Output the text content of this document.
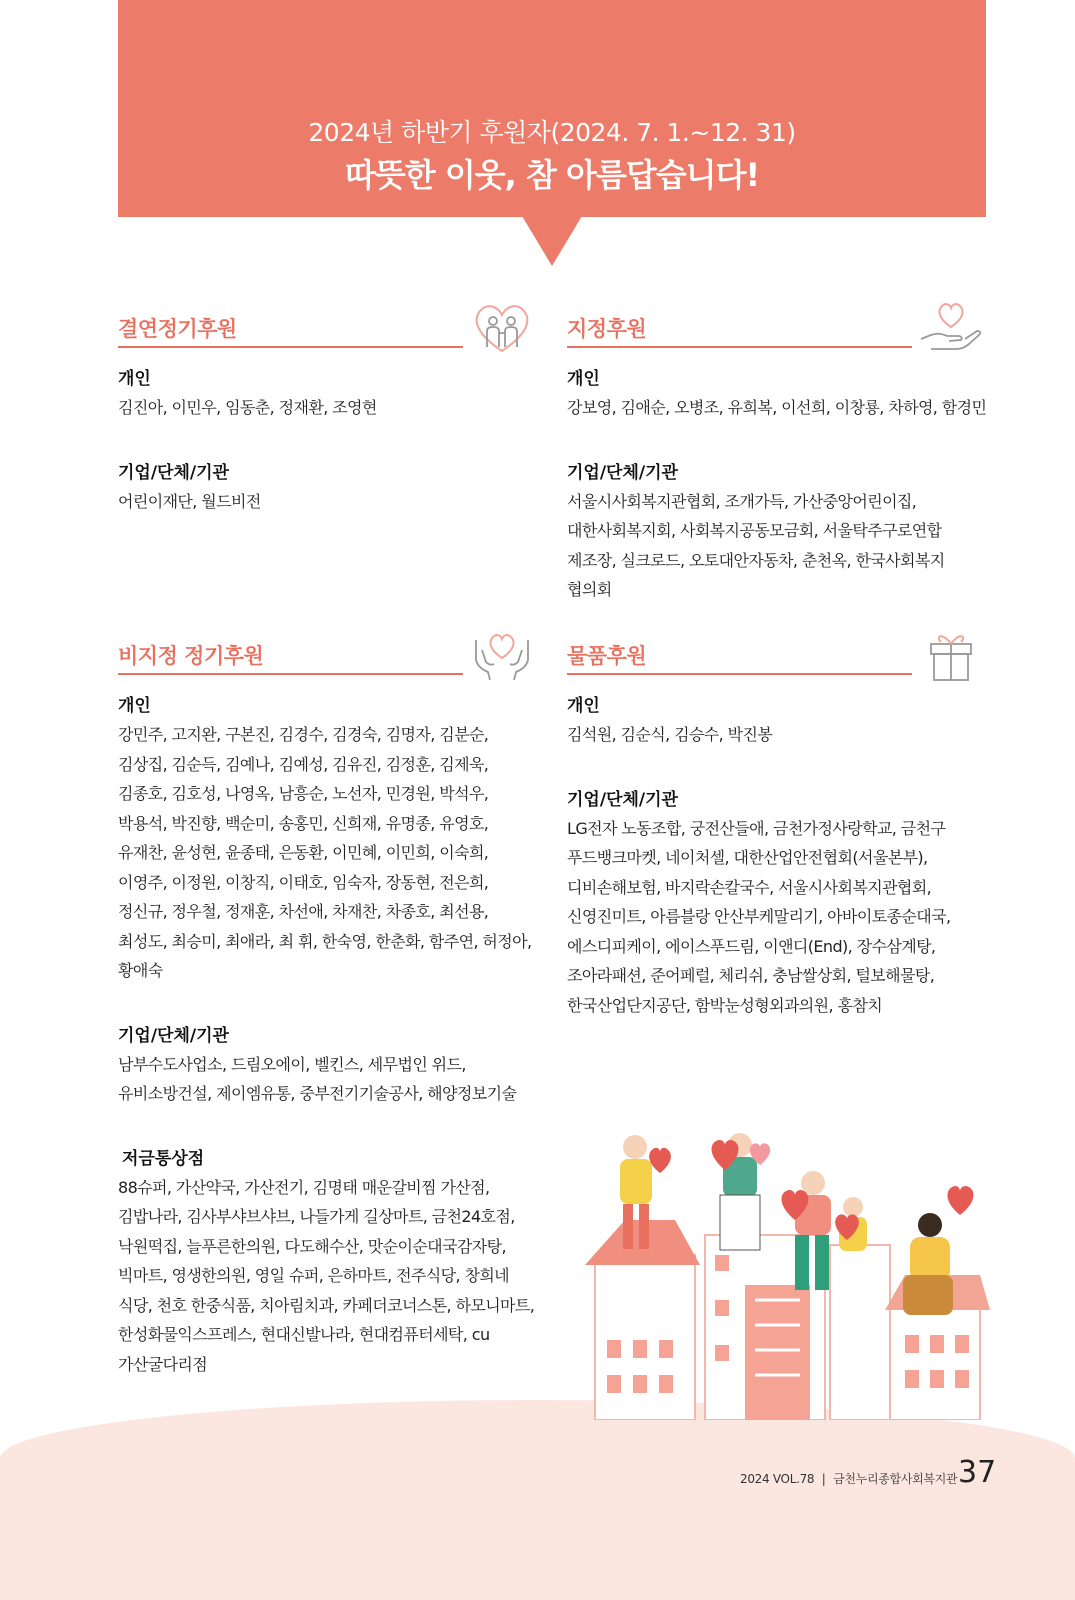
2024년 하반기 후원자(2024. 7. 1.~12. 31)
따뜻한 이웃, 참 아름답습니다!
결연정기후원
개인

김진아, 이민우, 임동춘, 정재환, 조영현

기업/단체/기관

어린이재단, 월드비전

지정후원
개인

강보영, 김애순, 오병조, 유희복, 이선희, 이창룡, 차하영, 함경민

기업/단체/기관

서울시사회복지관협회, 조개가득, 가산중앙어린이집, 대한사회복지회, 사회복지공동모금회, 서울탁주구로연합 제조장, 실크로드, 오토대안자동차, 춘천옥, 한국사회복지 협의회

비지정 정기후원
개인

강민주, 고지완, 구본진, 김경수, 김경숙, 김명자, 김분순, 김상집, 김순득, 김예나, 김예성, 김유진, 김정훈, 김제욱, 김종호, 김호성, 나영옥, 남흥순, 노선자, 민경원, 박석우, 박용석, 박진향, 백순미, 송홍민, 신희재, 유명종, 유영호, 유재찬, 윤성현, 윤종태, 은동환, 이민혜, 이민희, 이숙희, 이영주, 이정원, 이창직, 이태호, 임숙자, 장동현, 전은희, 정신규, 정우철, 정재훈, 차선애, 차재찬, 차종호, 최선용, 최성도, 최승미, 최애라, 최 휘, 한숙영, 한춘화, 함주연, 허정아, 황애숙

기업/단체/기관

남부수도사업소, 드림오에이, 벨킨스, 세무법인 위드, 유비소방건설, 제이엠유통, 중부전기기술공사, 해양정보기술

저금통상점

88슈퍼, 가산약국, 가산전기, 김명태 매운갈비찜 가산점, 김밥나라, 김사부샤브샤브, 나들가게 길상마트, 금천24호점, 낙원떡집, 늘푸른한의원, 다도해수산, 맛순이순대국감자탕, 빅마트, 영생한의원, 영일 슈퍼, 은하마트, 전주식당, 창희네 식당, 천호 한중식품, 치아림치과, 카페더코너스톤, 하모니마트, 한성화물익스프레스, 현대신발나라, 현대컴퓨터세탁, cu 가산굴다리점

물품후원
개인

김석원, 김순식, 김승수, 박진봉

기업/단체/기관

LG전자 노동조합, 궁전산들애, 금천가정사랑학교, 금천구 푸드뱅크마켓, 네이처셀, 대한산업안전협회(서울본부), 디비손해보험, 바지락손칼국수, 서울시사회복지관협회, 신영진미트, 아름블랑 안산부케말리기, 아바이토종순대국, 에스디피케이, 에이스푸드림, 이앤디(End), 장수삼계탕, 조아라패션, 준어페럴, 체리쉬, 충남쌀상회, 털보해물탕, 한국산업단지공단, 함박눈성형외과의원, 홍참치

2024 VOL.78 | 금천누리종합사회복지관 37
